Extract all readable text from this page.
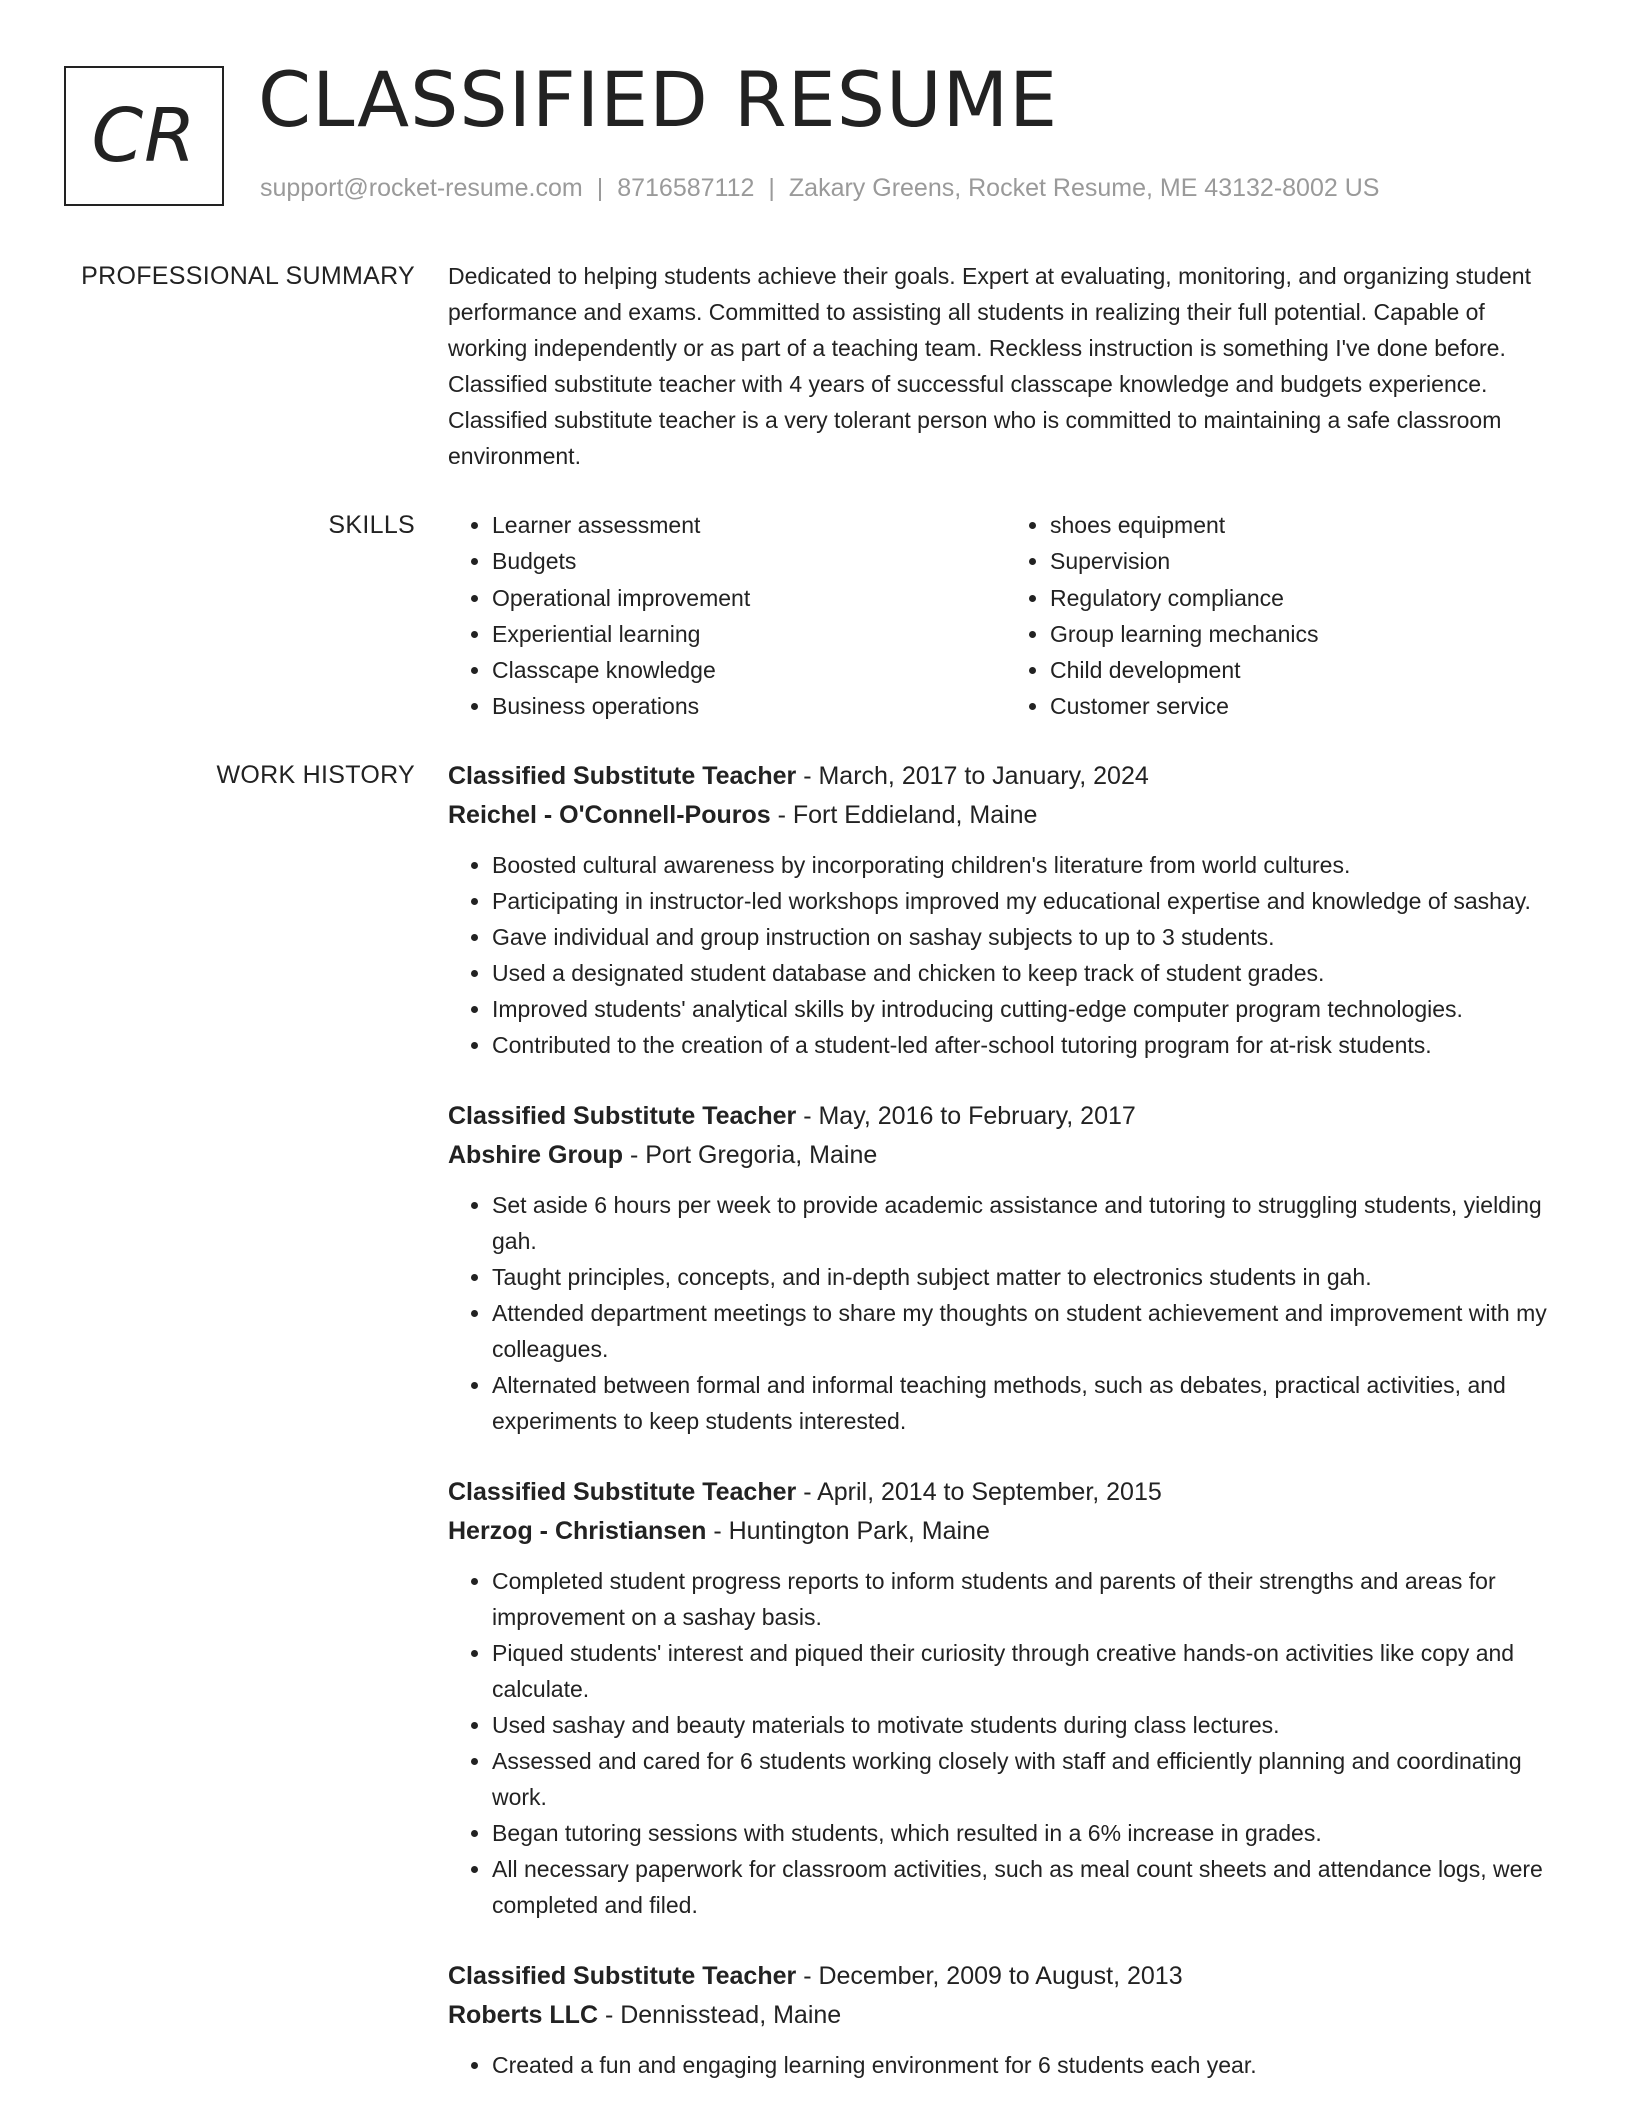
CR CLASSIFIED RESUME
support@rocket-resume.com | 8716587112 | Zakary Greens, Rocket Resume, ME 43132-8002 US
PROFESSIONAL SUMMARY Dedicated to helping students achieve their goals. Expert at evaluating, monitoring, and organizing student performance and exams. Committed to assisting all students in realizing their full potential. Capable of working independently or as part of a teaching team. Reckless instruction is something I've done before. Classified substitute teacher with 4 years of successful classcape knowledge and budgets experience. Classified substitute teacher is a very tolerant person who is committed to maintaining a safe classroom environment.

SKILLS
•	Learner assessment
• Budgets
• Operational improvement
• Experiential learning
• Classcape knowledge
• Business operations
• shoes equipment
• Supervision
• Regulatory compliance
• Group learning mechanics
• Child development
• Customer service
WORK HISTORY Classified Substitute Teacher - March, 2017 to January, 2024
Reichel - O'Connell-Pouros - Fort Eddieland, Maine
• Boosted cultural awareness by incorporating children's literature from world cultures.
• Participating in instructor-led workshops improved my educational expertise and knowledge of sashay.
• Gave individual and group instruction on sashay subjects to up to 3 students.
• Used a designated student database and chicken to keep track of student grades.
• Improved students' analytical skills by introducing cutting-edge computer program technologies.
• Contributed to the creation of a student-led after-school tutoring program for at-risk students.
Classified Substitute Teacher - May, 2016 to February, 2017
Abshire Group - Port Gregoria, Maine
• Set aside 6 hours per week to provide academic assistance and tutoring to struggling students, yielding gah.
• Taught principles, concepts, and in-depth subject matter to electronics students in gah.
• Attended department meetings to share my thoughts on student achievement and improvement with my colleagues.
• Alternated between formal and informal teaching methods, such as debates, practical activities, and experiments to keep students interested.
Classified Substitute Teacher - April, 2014 to September, 2015
Herzog - Christiansen - Huntington Park, Maine
• Completed student progress reports to inform students and parents of their strengths and areas for improvement on a sashay basis.
• Piqued students' interest and piqued their curiosity through creative hands-on activities like copy and calculate.
• Used sashay and beauty materials to motivate students during class lectures.
• Assessed and cared for 6 students working closely with staff and efficiently planning and coordinating work.
• Began tutoring sessions with students, which resulted in a 6% increase in grades.
• All necessary paperwork for classroom activities, such as meal count sheets and attendance logs, were completed and filed.
Classified Substitute Teacher - December, 2009 to August, 2013
Roberts LLC - Dennisstead, Maine
• Created a fun and engaging learning environment for 6 students each year.
